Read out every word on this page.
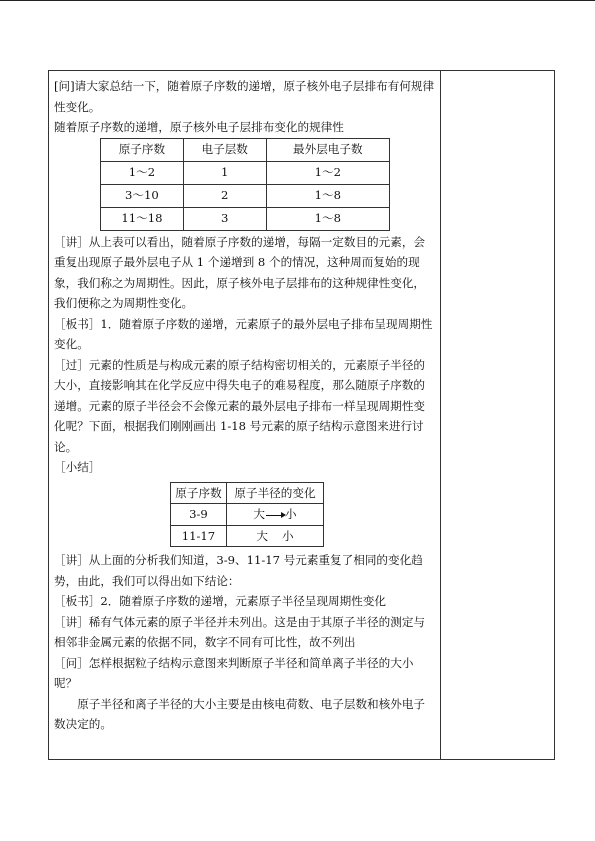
[问]请大家总结一下，随着原子序数的递增，原子核外电子层排布有何规律性变化。

随着原子序数的递增，原子核外电子层排布变化的规律性

原子序数	电子层数	最外层电子数
1～2	1	1～2
3～10	2	1～8
11～18	3	1～8

［讲］从上表可以看出，随着原子序数的递增，每隔一定数目的元素，会重复出现原子最外层电子从 1 个递增到 8 个的情况，这种周而复始的现象，我们称之为周期性。因此，原子核外电子层排布的这种规律性变化，我们便称之为周期性变化。

［板书］1．随着原子序数的递增，元素原子的最外层电子排布呈现周期性变化。

［过］元素的性质是与构成元素的原子结构密切相关的，元素原子半径的大小，直接影响其在化学反应中得失电子的难易程度，那么随原子序数的递增。元素的原子半径会不会像元素的最外层电子排布一样呈现周期性变化呢？下面，根据我们刚刚画出 1-18 号元素的原子结构示意图来进行讨论。

［小结］

原子序数	原子半径的变化
3-9	大 小
11-17	大 小

［讲］从上面的分析我们知道，3-9、11-17 号元素重复了相同的变化趋势，由此，我们可以得出如下结论：

［板书］2．随着原子序数的递增，元素原子半径呈现周期性变化

［讲］稀有气体元素的原子半径并未列出。这是由于其原子半径的测定与相邻非金属元素的依据不同，数字不同有可比性，故不列出

［问］怎样根据粒子结构示意图来判断原子半径和简单离子半径的大小呢？

原子半径和离子半径的大小主要是由核电荷数、电子层数和核外电子数决定的。
